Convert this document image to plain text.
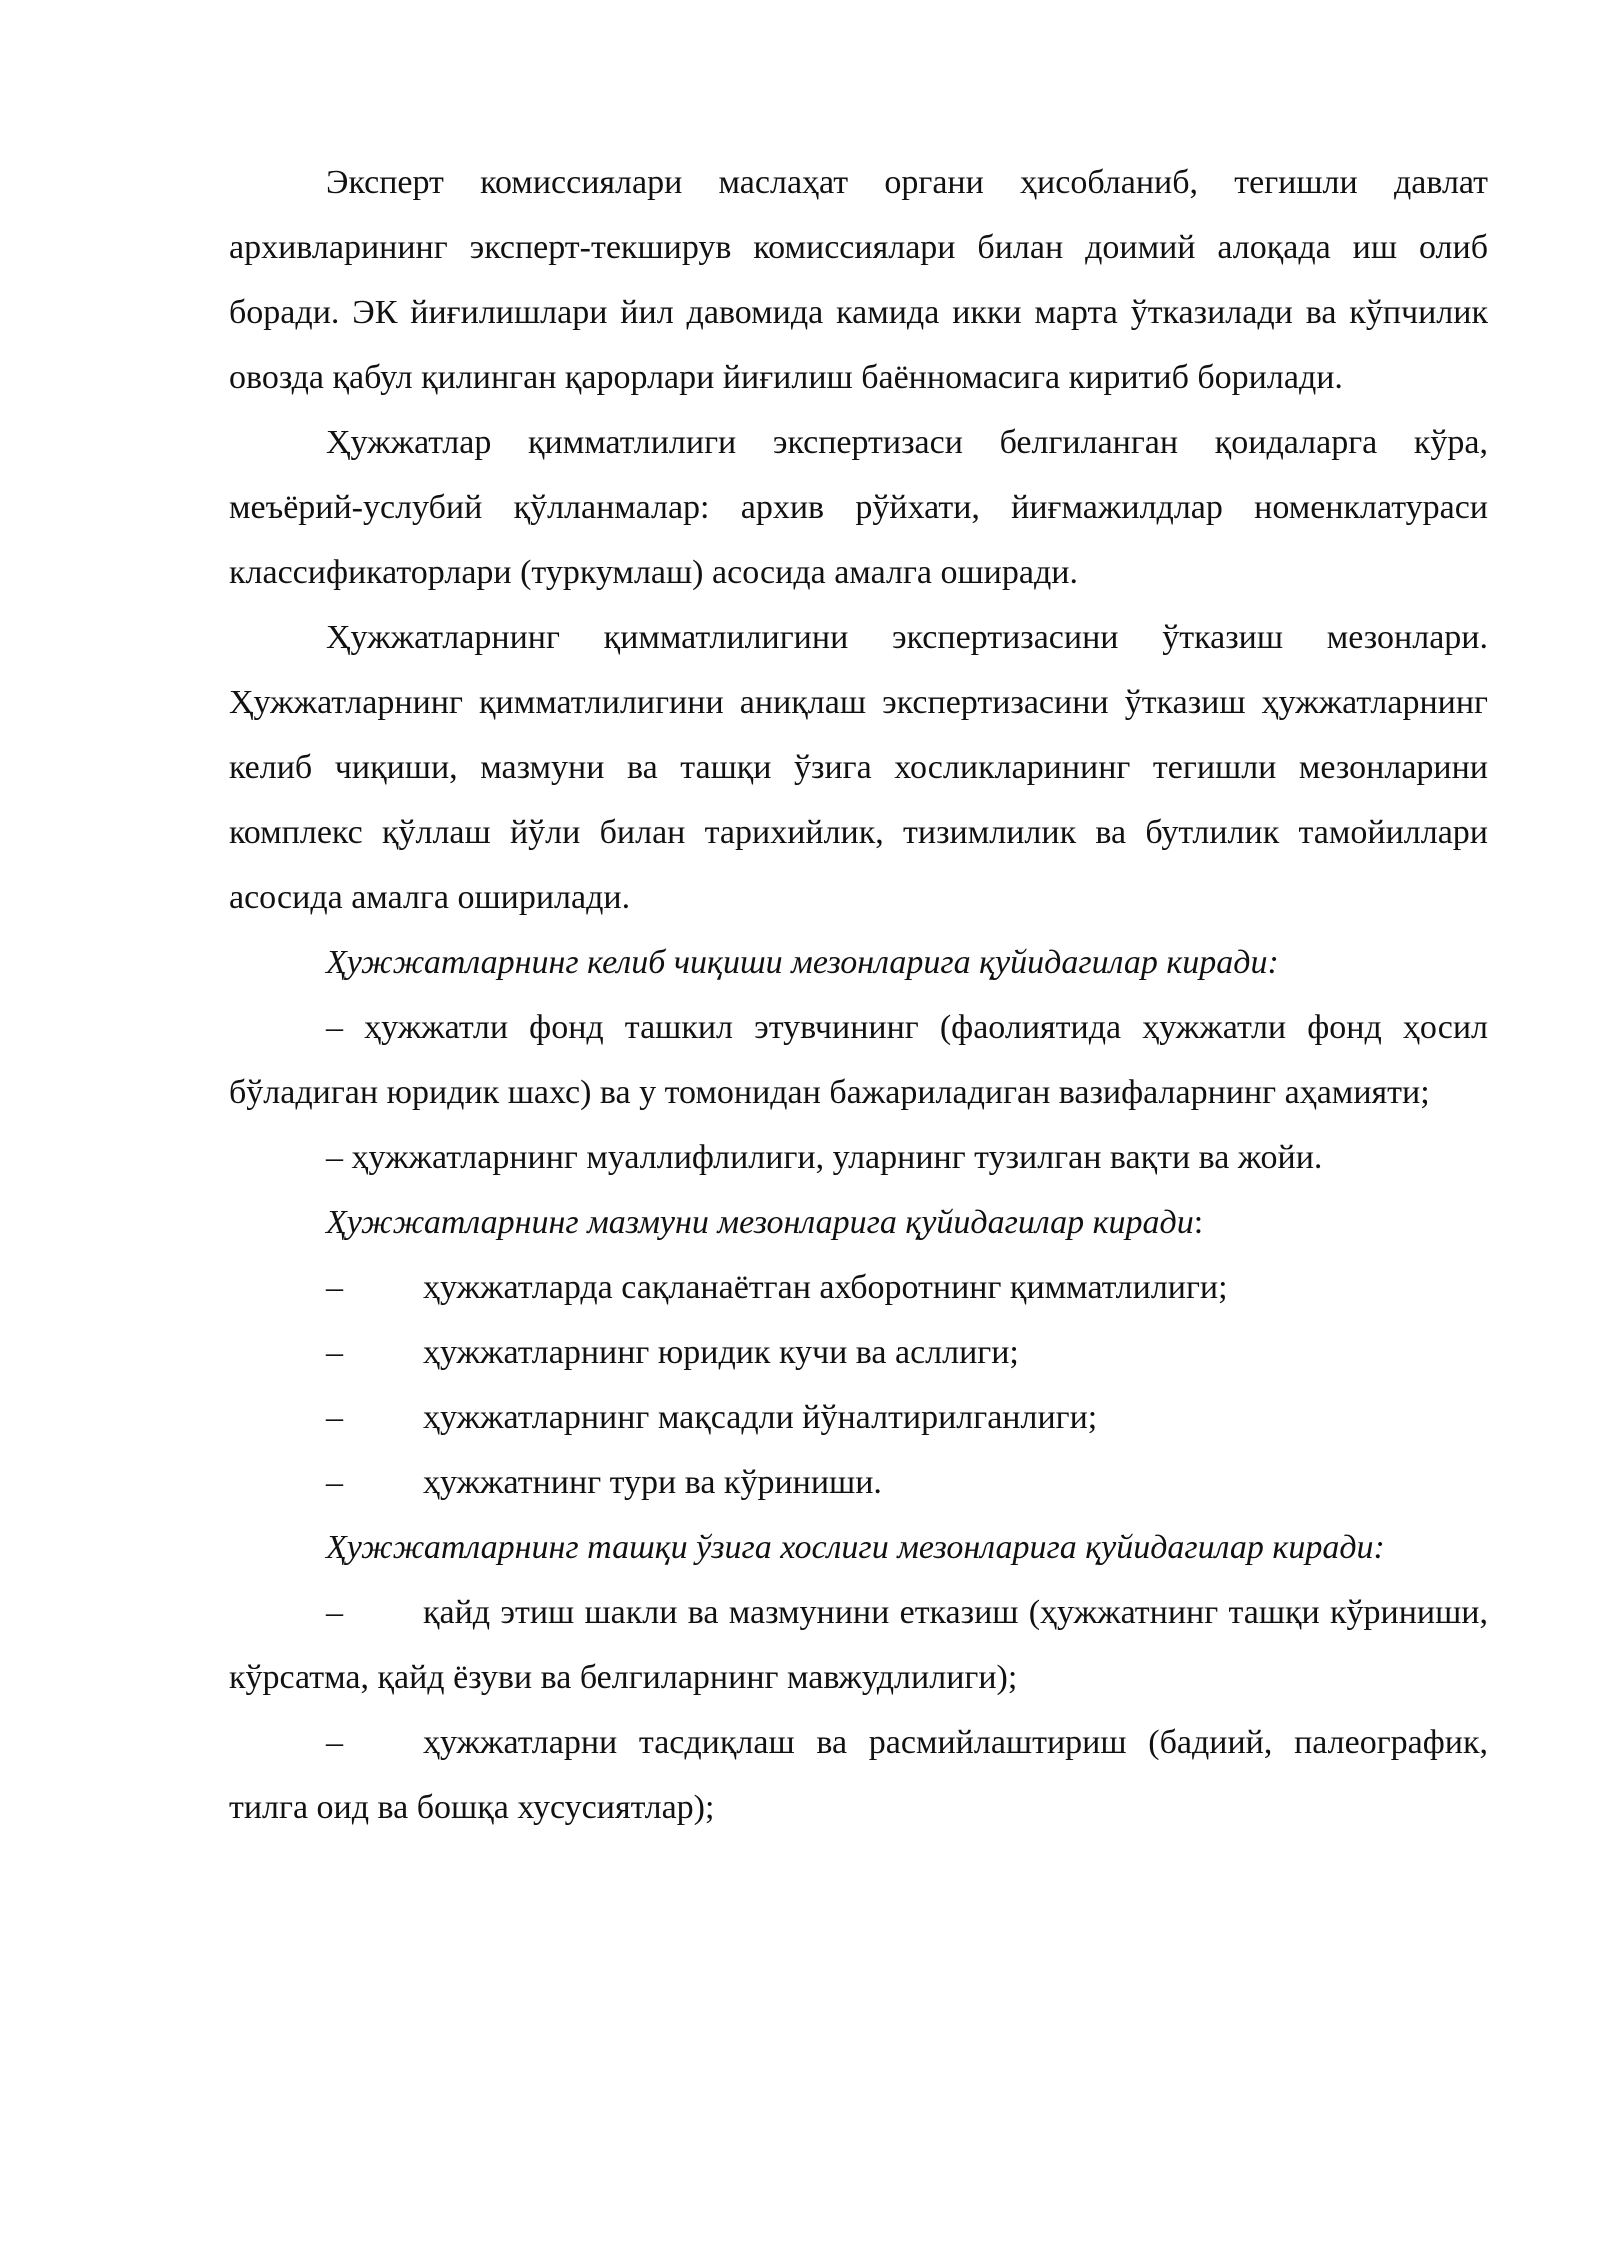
Эксперт комиссиялари маслаҳат органи ҳисобланиб, тегишли давлат архивларининг эксперт-текширув комиссиялари билан доимий алоқада иш олиб боради. ЭК йиғилишлари йил давомида камида икки марта ўтказилади ва кўпчилик овозда қабул қилинган қарорлари йиғилиш баённомасига киритиб борилади.

Ҳужжатлар қимматлилиги экспертизаси белгиланган қоидаларга кўра, меъёрий-услубий қўлланмалар: архив рўйхати, йиғмажилдлар номенклатураси классификаторлари (туркумлаш) асосида амалга оширади.

Ҳужжатларнинг қимматлилигини экспертизасини ўтказиш мезонлари. Ҳужжатларнинг қимматлилигини аниқлаш экспертизасини ўтказиш ҳужжатларнинг келиб чиқиши, мазмуни ва ташқи ўзига хосликларининг тегишли мезонларини комплекс қўллаш йўли билан тарихийлик, тизимлилик ва бутлилик тамойиллари асосида амалга оширилади.

Ҳужжатларнинг келиб чиқиши мезонларига қуйидагилар киради:

– ҳужжатли фонд ташкил этувчининг (фаолиятида ҳужжатли фонд ҳосил бўладиган юридик шахс) ва у томонидан бажариладиган вазифаларнинг аҳамияти;

– ҳужжатларнинг муаллифлилиги, уларнинг тузилган вақти ва жойи.

Ҳужжатларнинг мазмуни мезонларига қуйидагилар киради:

–	ҳужжатларда сақланаётган ахборотнинг қимматлилиги;
–	ҳужжатларнинг юридик кучи ва асллиги;
–	ҳужжатларнинг мақсадли йўналтирилганлиги;
–	ҳужжатнинг тури ва кўриниши.

Ҳужжатларнинг ташқи ўзига хослиги мезонларига қуйидагилар киради:

– қайд этиш шакли ва мазмунини етказиш (ҳужжатнинг ташқи кўриниши, кўрсатма, қайд ёзуви ва белгиларнинг мавжудлилиги);

– ҳужжатларни тасдиқлаш ва расмийлаштириш (бадиий, палеографик, тилга оид ва бошқа хусусиятлар);
